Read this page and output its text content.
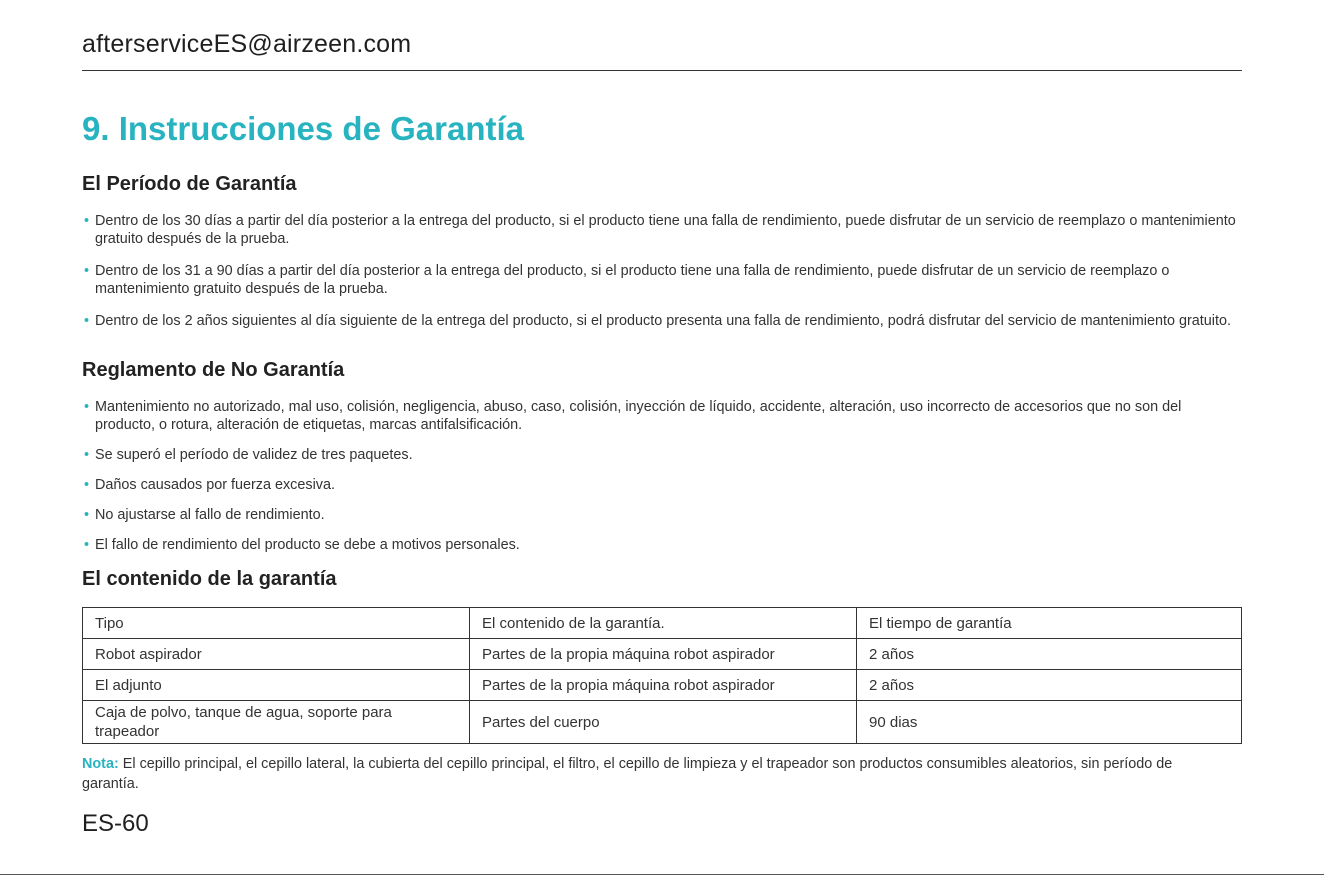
afterserviceES@airzeen.com
9. Instrucciones de Garantía
El Período de Garantía
• Dentro de los 30 días a partir del día posterior a la entrega del producto, si el producto tiene una falla de rendimiento, puede disfrutar de un servicio de reemplazo o mantenimiento gratuito después de la prueba.
• Dentro de los 31 a 90 días a partir del día posterior a la entrega del producto, si el producto tiene una falla de rendimiento, puede disfrutar de un servicio de reemplazo o mantenimiento gratuito después de la prueba.
• Dentro de los 2 años siguientes al día siguiente de la entrega del producto, si el producto presenta una falla de rendimiento, podrá disfrutar del servicio de mantenimiento gratuito.
Reglamento de No Garantía
• Mantenimiento no autorizado, mal uso, colisión, negligencia, abuso, caso, colisión, inyección de líquido, accidente, alteración, uso incorrecto de accesorios que no son del producto, o rotura, alteración de etiquetas, marcas antifalsificación.
• Se superó el período de validez de tres paquetes.
• Daños causados por fuerza excesiva.
• No ajustarse al fallo de rendimiento.
• El fallo de rendimiento del producto se debe a motivos personales.
El contenido de la garantía
Tipo	El contenido de la garantía.	El tiempo de garantía
Robot aspirador	Partes de la propia máquina robot aspirador	2 años
El adjunto	Partes de la propia máquina robot aspirador	2 años
Caja de polvo, tanque de agua, soporte para trapeador	Partes del cuerpo	90 dias

Nota: El cepillo principal, el cepillo lateral, la cubierta del cepillo principal, el filtro, el cepillo de limpieza y el trapeador son productos consumibles aleatorios, sin período de garantía.

ES-60
